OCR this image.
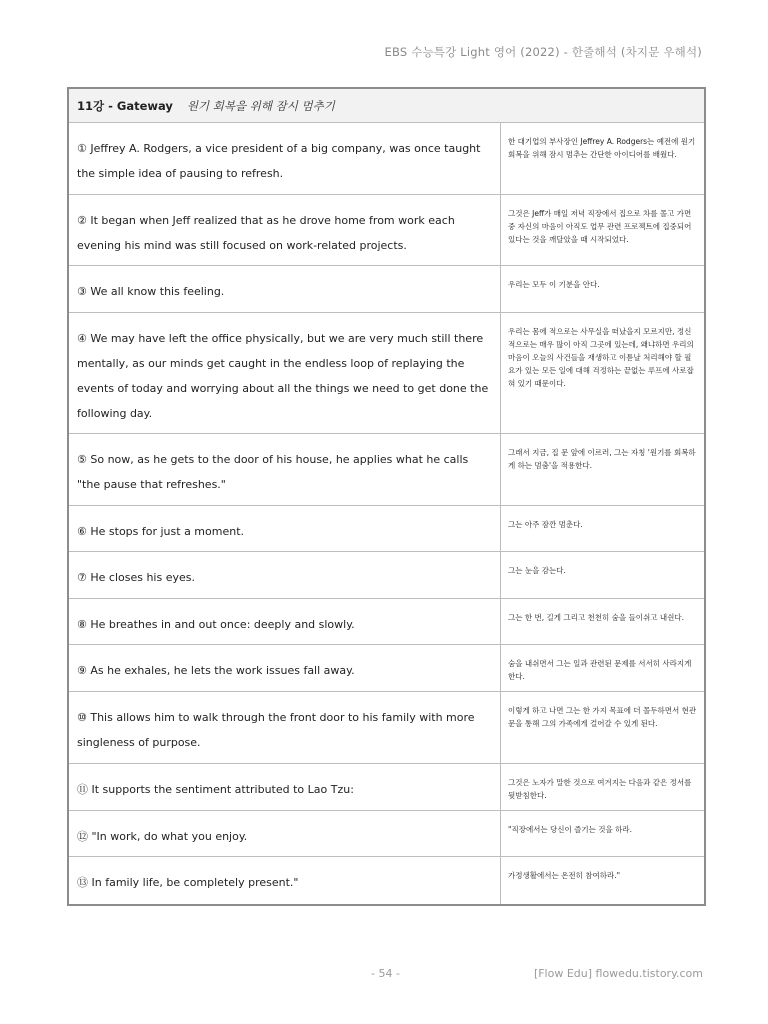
EBS 수능특강 Light 영어 (2022) - 한줄해석 (차지문 우해석)
11강 - Gateway 원기 회복을 위해 잠시 멈추기
① Jeffrey A. Rodgers, a vice president of a big company, was once taught the simple idea of pausing to refresh.
한 대기업의 부사장인 Jeffrey A. Rodgers는 예전에 원기 회복을 위해 잠시 멈추는 간단한 아이디어를 배웠다.
② It began when Jeff realized that as he drove home from work each evening his mind was still focused on work-related projects.
그것은 Jeff가 매일 저녁 직장에서 집으로 차를 몰고 가면 중 자신의 마음이 아직도 업무 관련 프로젝트에 집중되어 있다는 것을 깨달았을 때 시작되었다.
③ We all know this feeling.
우리는 모두 이 기분을 안다.
④ We may have left the office physically, but we are very much still there mentally, as our minds get caught in the endless loop of replaying the events of today and worrying about all the things we need to get done the following day.
우리는 몸에 적으로는 사무실을 떠났을지 모르지만, 정신적으로는 매우 많이 아직 그곳에 있는데, 왜냐하면 우리의 마음이 오늘의 사건들을 재생하고 이튿날 처리해야 할 필요가 있는 모든 일에 대해 걱정하는 끝없는 루프에 사로잡혀 있기 때문이다.
⑤ So now, as he gets to the door of his house, he applies what he calls "the pause that refreshes."
그래서 지금, 집 문 앞에 이르러, 그는 자칭 '원기를 회복하게 하는 멈춤'을 적용한다.
⑥ He stops for just a moment.
그는 아주 잠깐 멈춘다.
⑦ He closes his eyes.
그는 눈을 감는다.
⑧ He breathes in and out once: deeply and slowly.
그는 한 번, 길게 그리고 천천히 숨을 들이쉬고 내쉰다.
⑨ As he exhales, he lets the work issues fall away.
숨을 내쉬면서 그는 일과 관련된 문제를 서서히 사라지게 한다.
⑩ This allows him to walk through the front door to his family with more singleness of purpose.
이렇게 하고 나면 그는 한 가지 목표에 더 몰두하면서 현관문을 통해 그의 가족에게 걸어갈 수 있게 된다.
⑪ It supports the sentiment attributed to Lao Tzu:
그것은 노자가 말한 것으로 여겨지는 다음과 같은 정서를 뒷받침한다.
⑫ "In work, do what you enjoy.
"직장에서는 당신이 즐기는 것을 하라.
⑬ In family life, be completely present."
가정생활에서는 온전히 참여하라."
- 54 -	[Flow Edu] flowedu.tistory.com
